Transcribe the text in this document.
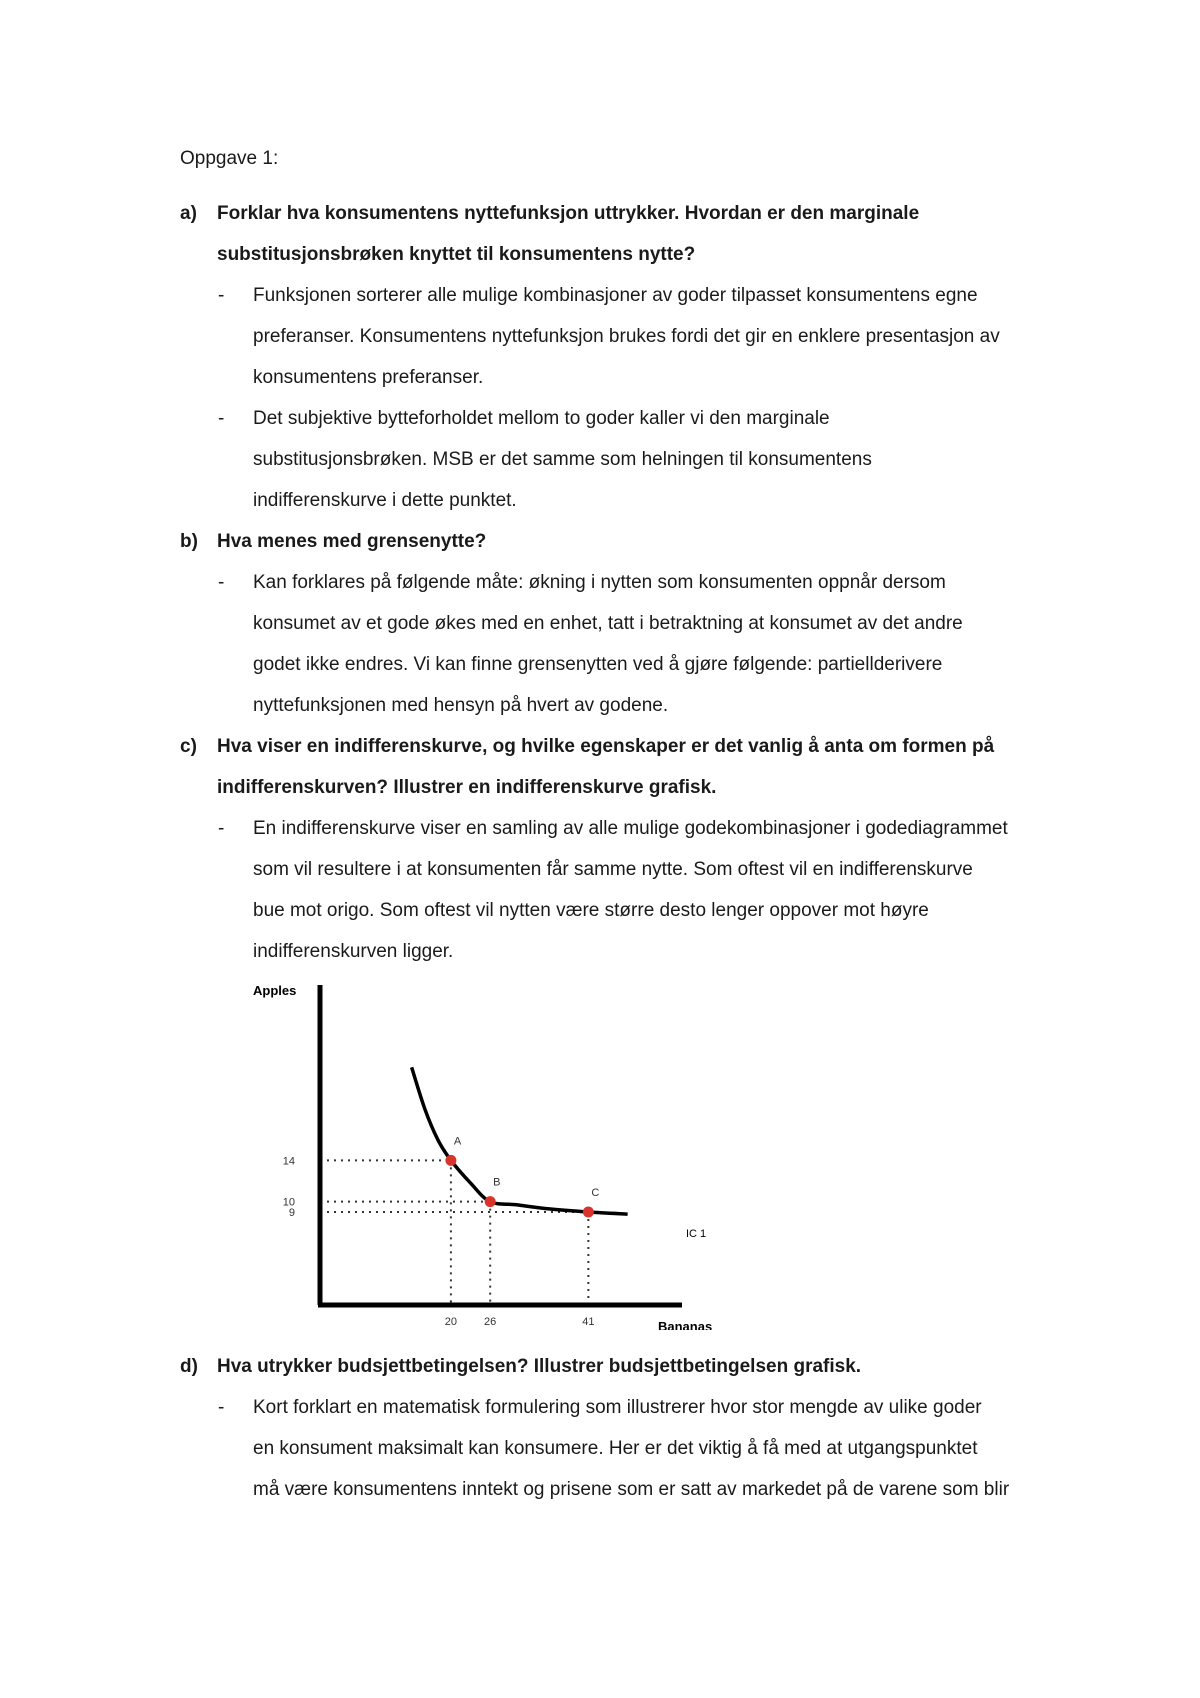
Oppgave 1:
a) Forklar hva konsumentens nyttefunksjon uttrykker. Hvordan er den marginale
substitusjonsbrøken knyttet til konsumentens nytte?
- Funksjonen sorterer alle mulige kombinasjoner av goder tilpasset konsumentens egne
preferanser. Konsumentens nyttefunksjon brukes fordi det gir en enklere presentasjon av
konsumentens preferanser.
- Det subjektive bytteforholdet mellom to goder kaller vi den marginale
substitusjonsbrøken. MSB er det samme som helningen til konsumentens
indifferenskurve i dette punktet.
b) Hva menes med grensenytte?
- Kan forklares på følgende måte: økning i nytten som konsumenten oppnår dersom
konsumet av et gode økes med en enhet, tatt i betraktning at konsumet av det andre
godet ikke endres. Vi kan finne grensenytten ved å gjøre følgende: partiellderivere
nyttefunksjonen med hensyn på hvert av godene.
c) Hva viser en indifferenskurve, og hvilke egenskaper er det vanlig å anta om formen på
indifferenskurven? Illustrer en indifferenskurve grafisk.
- En indifferenskurve viser en samling av alle mulige godekombinasjoner i godediagrammet
som vil resultere i at konsumenten får samme nytte. Som oftest vil en indifferenskurve
bue mot origo. Som oftest vil nytten være større desto lenger oppover mot høyre
indifferenskurven ligger.
Apples
Bananas
IC 1
20 26	41
14
10
9
A
B
C
d) Hva utrykker budsjettbetingelsen? Illustrer budsjettbetingelsen grafisk.
- Kort forklart en matematisk formulering som illustrerer hvor stor mengde av ulike goder
en konsument maksimalt kan konsumere. Her er det viktig å få med at utgangspunktet
må være konsumentens inntekt og prisene som er satt av markedet på de varene som blir
